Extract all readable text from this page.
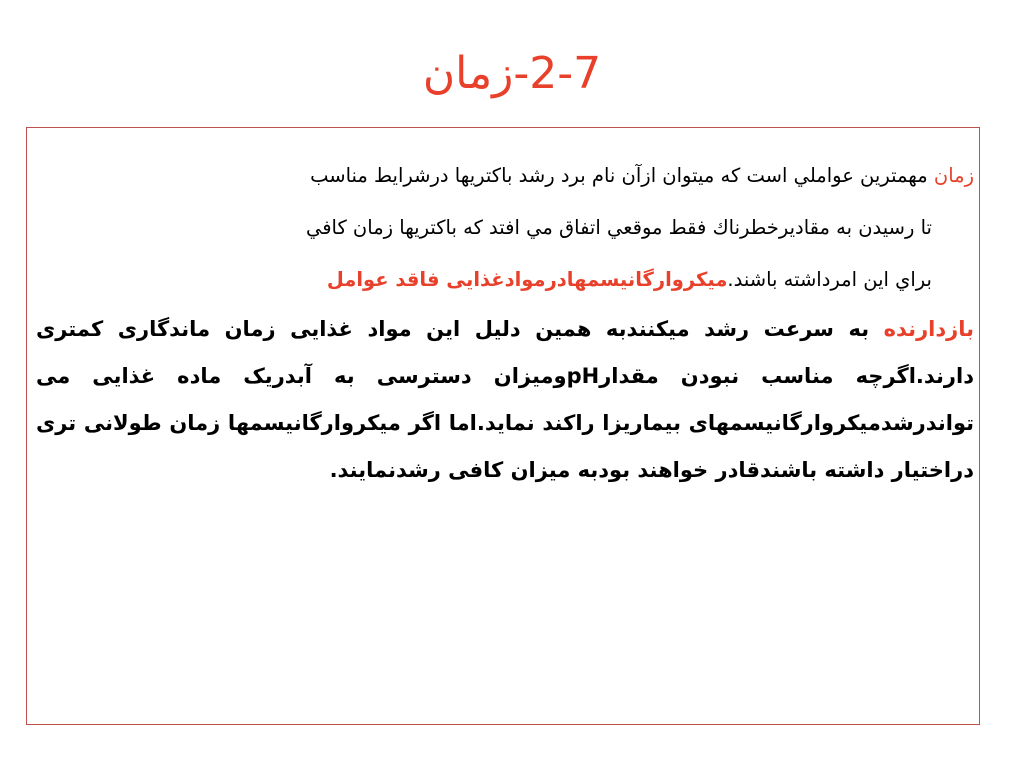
2-7-زمان

زمان مهمترين عواملي است كه ميتوان ازآن نام برد رشد باكتريها درشرايط مناسب
تا رسيدن به مقاديرخطرناك فقط موقعي اتفاق مي افتد كه باكتريها زمان كافي
براي اين امرداشته باشند.میکروارگانیسمهادرموادغذایی فاقد عوامل

بازدارنده به سرعت رشد میکنندبه همین دلیل این مواد غذایی زمان ماندگاری کمتری دارند.اگرچه مناسب نبودن مقدارpHومیزان دسترسی به آبدریک ماده غذایی می تواندرشدمیکروارگانیسمهای بیماریزا راکند نماید.اما اگر میکروارگانیسمها زمان طولانی تری دراختیار داشته باشندقادر خواهند بودبه میزان کافی رشدنمایند.
